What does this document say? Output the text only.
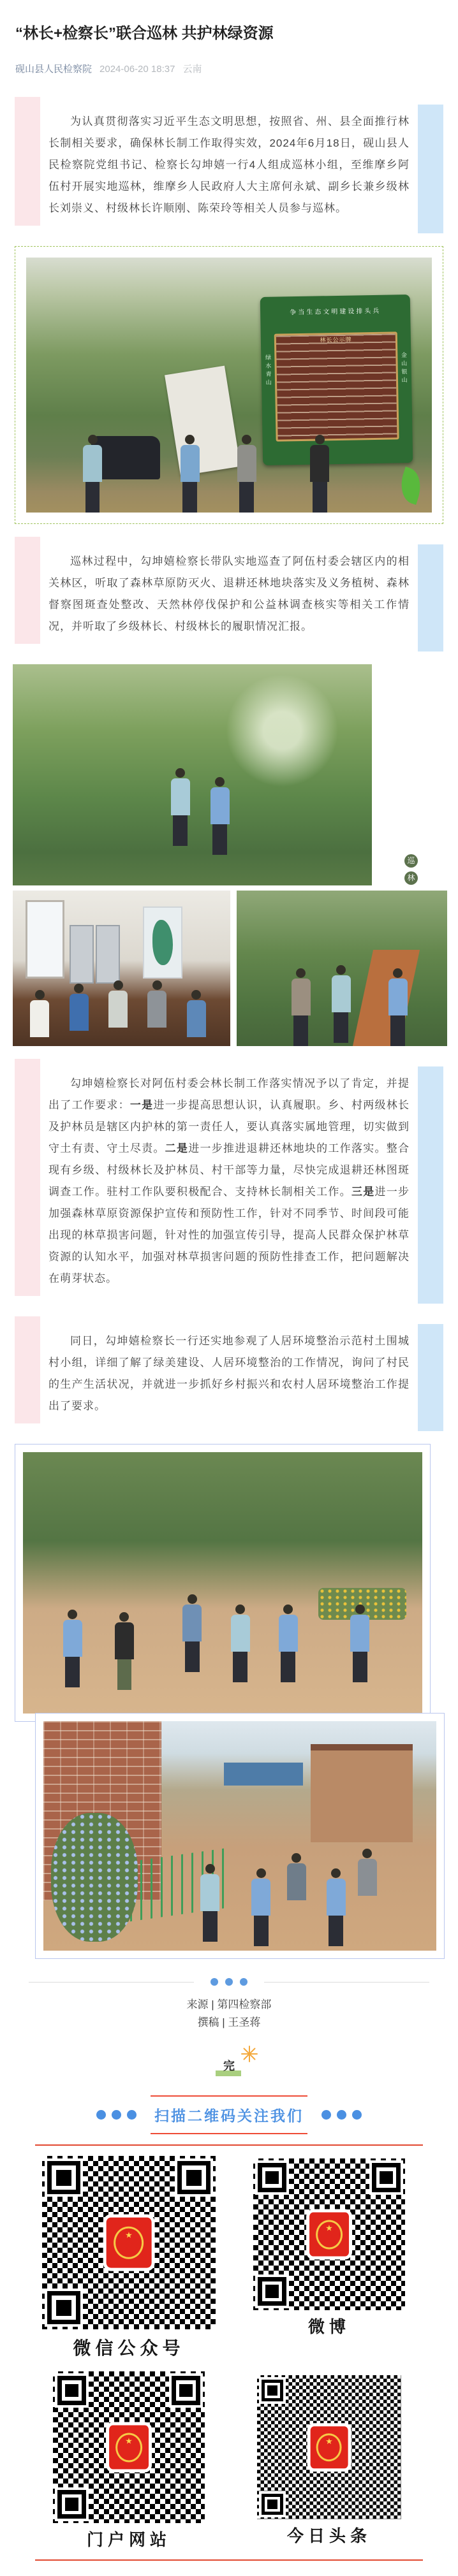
“林长+检察长”联合巡林 共护林绿资源
砚山县人民检察院 2024-06-20 18:37 云南

为认真贯彻落实习近平生态文明思想，按照省、州、县全面推行林长制相关要求，确保林长制工作取得实效，2024年6月18日，砚山县人民检察院党组书记、检察长勾坤嬉一行4人组成巡林小组，至维摩乡阿伍村开展实地巡林，维摩乡人民政府人大主席何永斌、副乡长兼乡级林长刘崇义、村级林长许顺刚、陈荣玲等相关人员参与巡林。

争当生态文明建设排头兵
绿水青山	金山银山
林长公示牌

巡林过程中，勾坤嬉检察长带队实地巡查了阿伍村委会辖区内的相关林区，听取了森林草原防灭火、退耕还林地块落实及义务植树、森林督察图斑查处整改、天然林停伐保护和公益林调查核实等相关工作情况，并听取了乡级林长、村级林长的履职情况汇报。

巡
林

勾坤嬉检察长对阿伍村委会林长制工作落实情况予以了肯定，并提出了工作要求：一是进一步提高思想认识，认真履职。乡、村两级林长及护林员是辖区内护林的第一责任人，要认真落实属地管理，切实做到守土有责、守土尽责。二是进一步推进退耕还林地块的工作落实。整合现有乡级、村级林长及护林员、村干部等力量，尽快完成退耕还林图斑调查工作。驻村工作队要积极配合、支持林长制相关工作。三是进一步加强森林草原资源保护宣传和预防性工作，针对不同季节、时间段可能出现的林草损害问题，针对性的加强宣传引导，提高人民群众保护林草资源的认知水平，加强对林草损害问题的预防性排查工作，把问题解决在萌芽状态。

同日，勾坤嬉检察长一行还实地参观了人居环境整治示范村土围城村小组，详细了解了绿美建设、人居环境整治的工作情况，询问了村民的生产生活状况，并就进一步抓好乡村振兴和农村人居环境整治工作提出了要求。

来源 | 第四检察部
撰稿 | 王圣蒋
完
扫描二维码关注我们
★
微信公众号
★
微博
★
门户网站
★
今日头条
